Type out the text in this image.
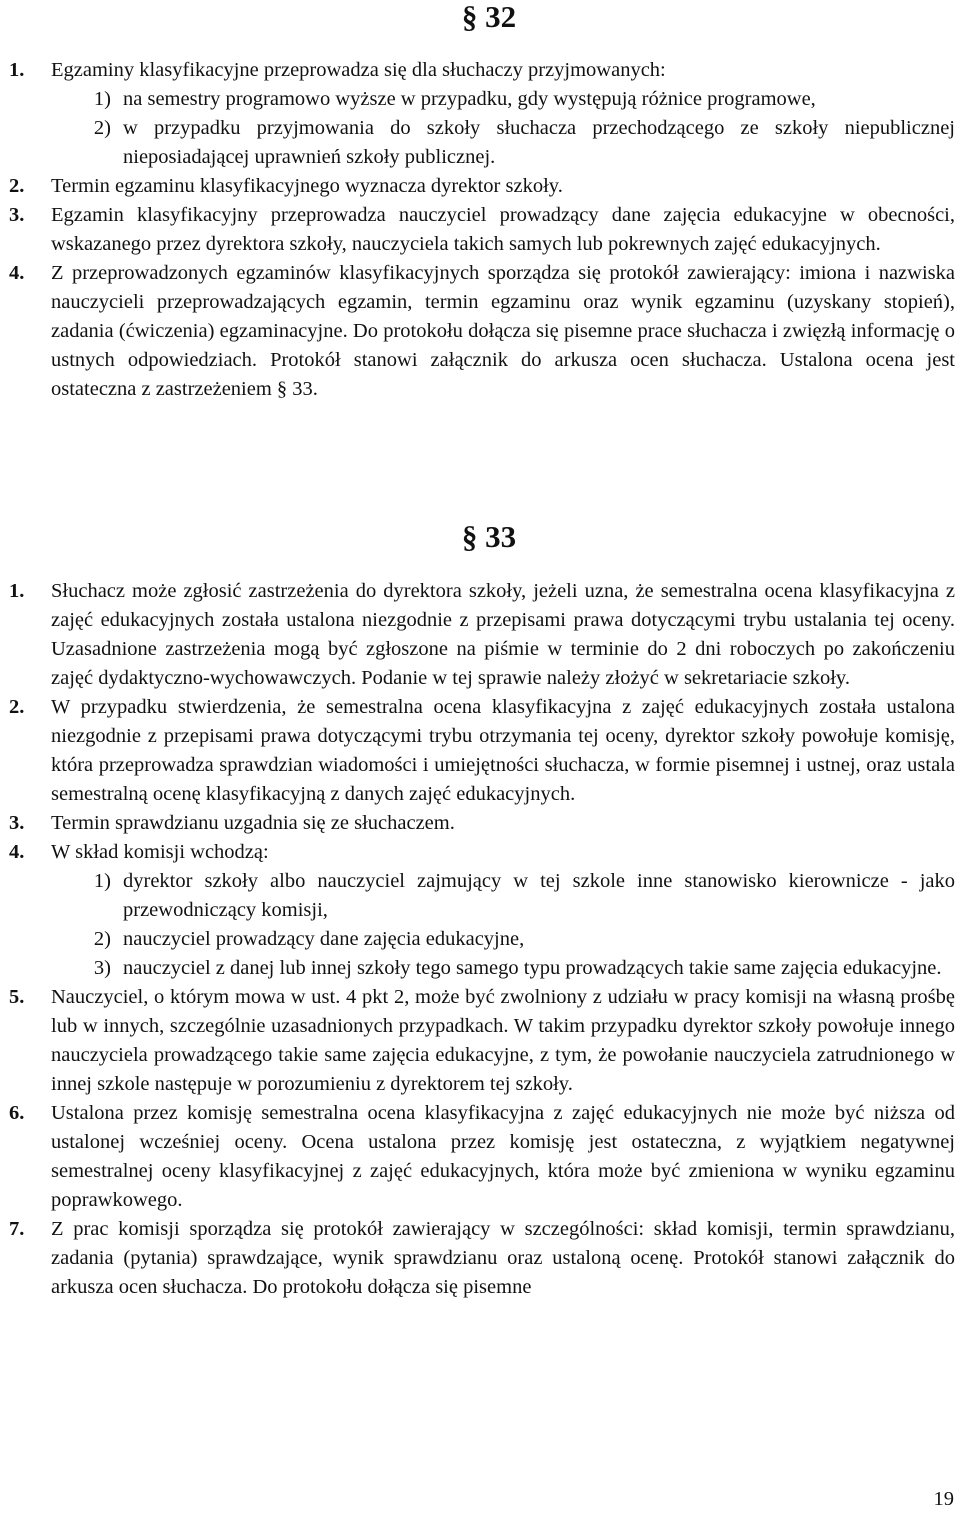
§ 32
1. Egzaminy klasyfikacyjne przeprowadza się dla słuchaczy przyjmowanych:
1) na semestry programowo wyższe w przypadku, gdy występują różnice programowe,
2) w przypadku przyjmowania do szkoły słuchacza przechodzącego ze szkoły niepublicznej nieposiadającej uprawnień szkoły publicznej.
2. Termin egzaminu klasyfikacyjnego wyznacza dyrektor szkoły.
3. Egzamin klasyfikacyjny przeprowadza nauczyciel prowadzący dane zajęcia edukacyjne w obecności, wskazanego przez dyrektora szkoły, nauczyciela takich samych lub pokrewnych zajęć edukacyjnych.
4. Z przeprowadzonych egzaminów klasyfikacyjnych sporządza się protokół zawierający: imiona i nazwiska nauczycieli przeprowadzających egzamin, termin egzaminu oraz wynik egzaminu (uzyskany stopień), zadania (ćwiczenia) egzaminacyjne. Do protokołu dołącza się pisemne prace słuchacza i zwięzłą informację o ustnych odpowiedziach. Protokół stanowi załącznik do arkusza ocen słuchacza. Ustalona ocena jest ostateczna z zastrzeżeniem § 33.
§ 33
1. Słuchacz może zgłosić zastrzeżenia do dyrektora szkoły, jeżeli uzna, że semestralna ocena klasyfikacyjna z zajęć edukacyjnych została ustalona niezgodnie z przepisami prawa dotyczącymi trybu ustalania tej oceny. Uzasadnione zastrzeżenia mogą być zgłoszone na piśmie w terminie do 2 dni roboczych po zakończeniu zajęć dydaktyczno-wychowawczych. Podanie w tej sprawie należy złożyć w sekretariacie szkoły.
2. W przypadku stwierdzenia, że semestralna ocena klasyfikacyjna z zajęć edukacyjnych została ustalona niezgodnie z przepisami prawa dotyczącymi trybu otrzymania tej oceny, dyrektor szkoły powołuje komisję, która przeprowadza sprawdzian wiadomości i umiejętności słuchacza, w formie pisemnej i ustnej, oraz ustala semestralną ocenę klasyfikacyjną z danych zajęć edukacyjnych.
3. Termin sprawdzianu uzgadnia się ze słuchaczem.
4. W skład komisji wchodzą:
1) dyrektor szkoły albo nauczyciel zajmujący w tej szkole inne stanowisko kierownicze - jako przewodniczący komisji,
2) nauczyciel prowadzący dane zajęcia edukacyjne,
3) nauczyciel z danej lub innej szkoły tego samego typu prowadzących takie same zajęcia edukacyjne.
5. Nauczyciel, o którym mowa w ust. 4 pkt 2, może być zwolniony z udziału w pracy komisji na własną prośbę lub w innych, szczególnie uzasadnionych przypadkach. W takim przypadku dyrektor szkoły powołuje innego nauczyciela prowadzącego takie same zajęcia edukacyjne, z tym, że powołanie nauczyciela zatrudnionego w innej szkole następuje w porozumieniu z dyrektorem tej szkoły.
6. Ustalona przez komisję semestralna ocena klasyfikacyjna z zajęć edukacyjnych nie może być niższa od ustalonej wcześniej oceny. Ocena ustalona przez komisję jest ostateczna, z wyjątkiem negatywnej semestralnej oceny klasyfikacyjnej z zajęć edukacyjnych, która może być zmieniona w wyniku egzaminu poprawkowego.
7. Z prac komisji sporządza się protokół zawierający w szczególności: skład komisji, termin sprawdzianu, zadania (pytania) sprawdzające, wynik sprawdzianu oraz ustaloną ocenę. Protokół stanowi załącznik do arkusza ocen słuchacza. Do protokołu dołącza się pisemne
19
